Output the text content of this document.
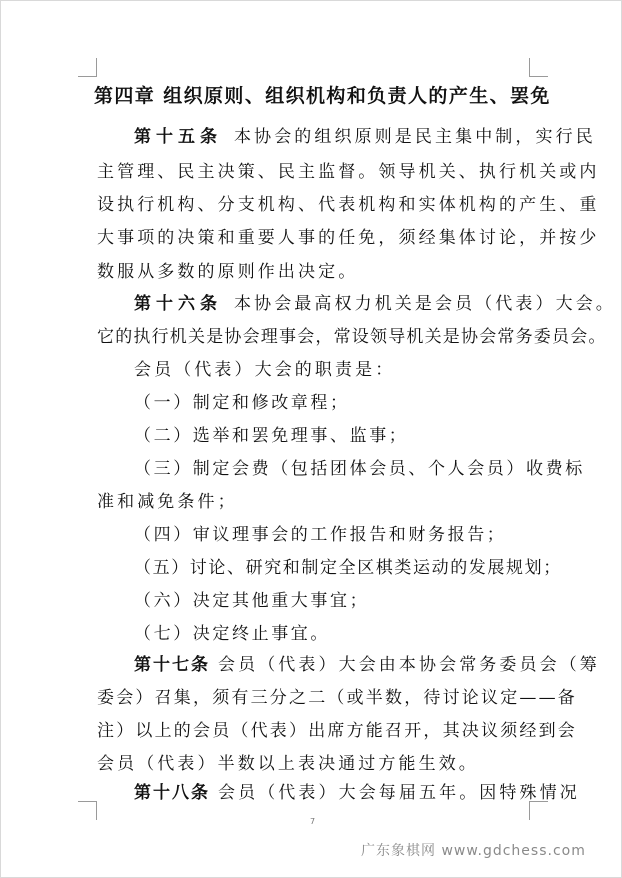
第四章 组织原则、组织机构和负责人的产生、罢免
第十五条 本协会的组织原则是民主集中制，实行民
主管理、民主决策、民主监督。领导机关、执行机关或内
设执行机构、分支机构、代表机构和实体机构的产生、重
大事项的决策和重要人事的任免，须经集体讨论，并按少
数服从多数的原则作出决定。
第十六条 本协会最高权力机关是会员（代表）大会。
它的执行机关是协会理事会，常设领导机关是协会常务委员会。
会员（代表）大会的职责是：
（一）制定和修改章程；
（二）选举和罢免理事、监事；
（三）制定会费（包括团体会员、个人会员）收费标
准和减免条件；
（四）审议理事会的工作报告和财务报告；
（五）讨论、研究和制定全区棋类运动的发展规划；
（六）决定其他重大事宜；
（七）决定终止事宜。
第十七条 会员（代表）大会由本协会常务委员会（筹
委会）召集，须有三分之二（或半数，待讨论议定——备
注）以上的会员（代表）出席方能召开，其决议须经到会
会员（代表）半数以上表决通过方能生效。
第十八条 会员（代表）大会每届五年。因特殊情况
7
广东象棋网 www.gdchess.com
